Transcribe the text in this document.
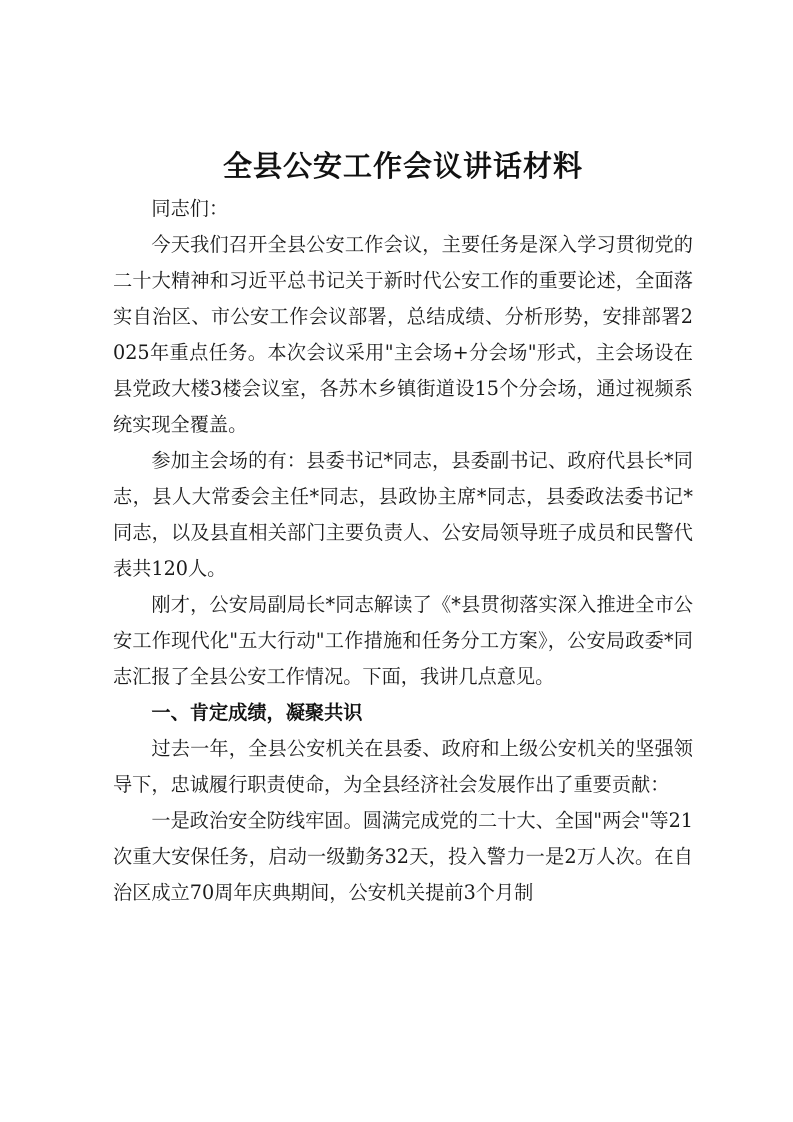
全县公安工作会议讲话材料

同志们：

今天我们召开全县公安工作会议，主要任务是深入学习贯彻党的二十大精神和习近平总书记关于新时代公安工作的重要论述，全面落实自治区、市公安工作会议部署，总结成绩、分析形势，安排部署2025年重点任务。本次会议采用"主会场+分会场"形式，主会场设在县党政大楼3楼会议室，各苏木乡镇街道设15个分会场，通过视频系统实现全覆盖。

参加主会场的有：县委书记*同志，县委副书记、政府代县长*同志，县人大常委会主任*同志，县政协主席*同志，县委政法委书记*同志，以及县直相关部门主要负责人、公安局领导班子成员和民警代表共120人。

刚才，公安局副局长*同志解读了《*县贯彻落实深入推进全市公安工作现代化"五大行动"工作措施和任务分工方案》，公安局政委*同志汇报了全县公安工作情况。下面，我讲几点意见。

一、肯定成绩，凝聚共识

过去一年，全县公安机关在县委、政府和上级公安机关的坚强领导下，忠诚履行职责使命，为全县经济社会发展作出了重要贡献：

一是政治安全防线牢固。圆满完成党的二十大、全国"两会"等21次重大安保任务，启动一级勤务32天，投入警力一是2万人次。在自治区成立70周年庆典期间，公安机关提前3个月制
